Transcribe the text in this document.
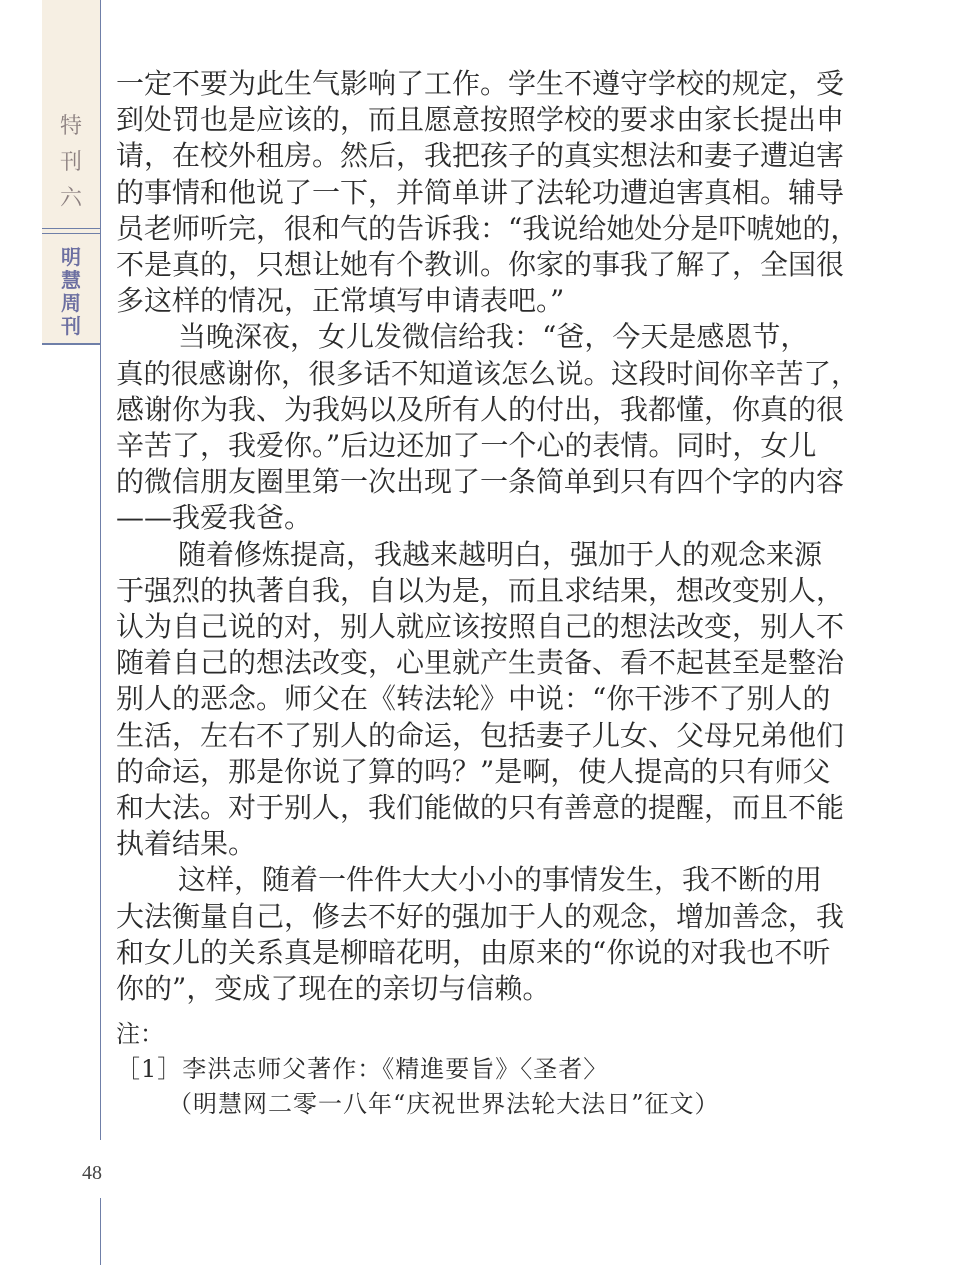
特
刊
六
明
慧
周
刊
48

一定不要为此生气影响了工作。学生不遵守学校的规定，受

到处罚也是应该的，而且愿意按照学校的要求由家长提出申

请，在校外租房。然后，我把孩子的真实想法和妻子遭迫害

的事情和他说了一下，并简单讲了法轮功遭迫害真相。辅导

员老师听完，很和气的告诉我：“我说给她处分是吓唬她的，

不是真的，只想让她有个教训。你家的事我了解了，全国很

多这样的情况，正常填写申请表吧。”

当晚深夜，女儿发微信给我：“爸，今天是感恩节，

真的很感谢你，很多话不知道该怎么说。这段时间你辛苦了，

感谢你为我、为我妈以及所有人的付出，我都懂，你真的很

辛苦了，我爱你。”后边还加了一个心的表情。同时，女儿

的微信朋友圈里第一次出现了一条简单到只有四个字的内容

——我爱我爸。

随着修炼提高，我越来越明白，强加于人的观念来源

于强烈的执著自我，自以为是，而且求结果，想改变别人，

认为自己说的对，别人就应该按照自己的想法改变，别人不

随着自己的想法改变，心里就产生责备、看不起甚至是整治

别人的恶念。师父在《转法轮》中说：“你干涉不了别人的

生活，左右不了别人的命运，包括妻子儿女、父母兄弟他们

的命运，那是你说了算的吗？”是啊，使人提高的只有师父

和大法。对于别人，我们能做的只有善意的提醒，而且不能

执着结果。

这样，随着一件件大大小小的事情发生，我不断的用

大法衡量自己，修去不好的强加于人的观念，增加善念，我

和女儿的关系真是柳暗花明，由原来的“你说的对我也不听

你的”，变成了现在的亲切与信赖。

注：

［1］李洪志师父著作：《精進要旨》〈圣者〉

（明慧网二零一八年“庆祝世界法轮大法日”征文）
